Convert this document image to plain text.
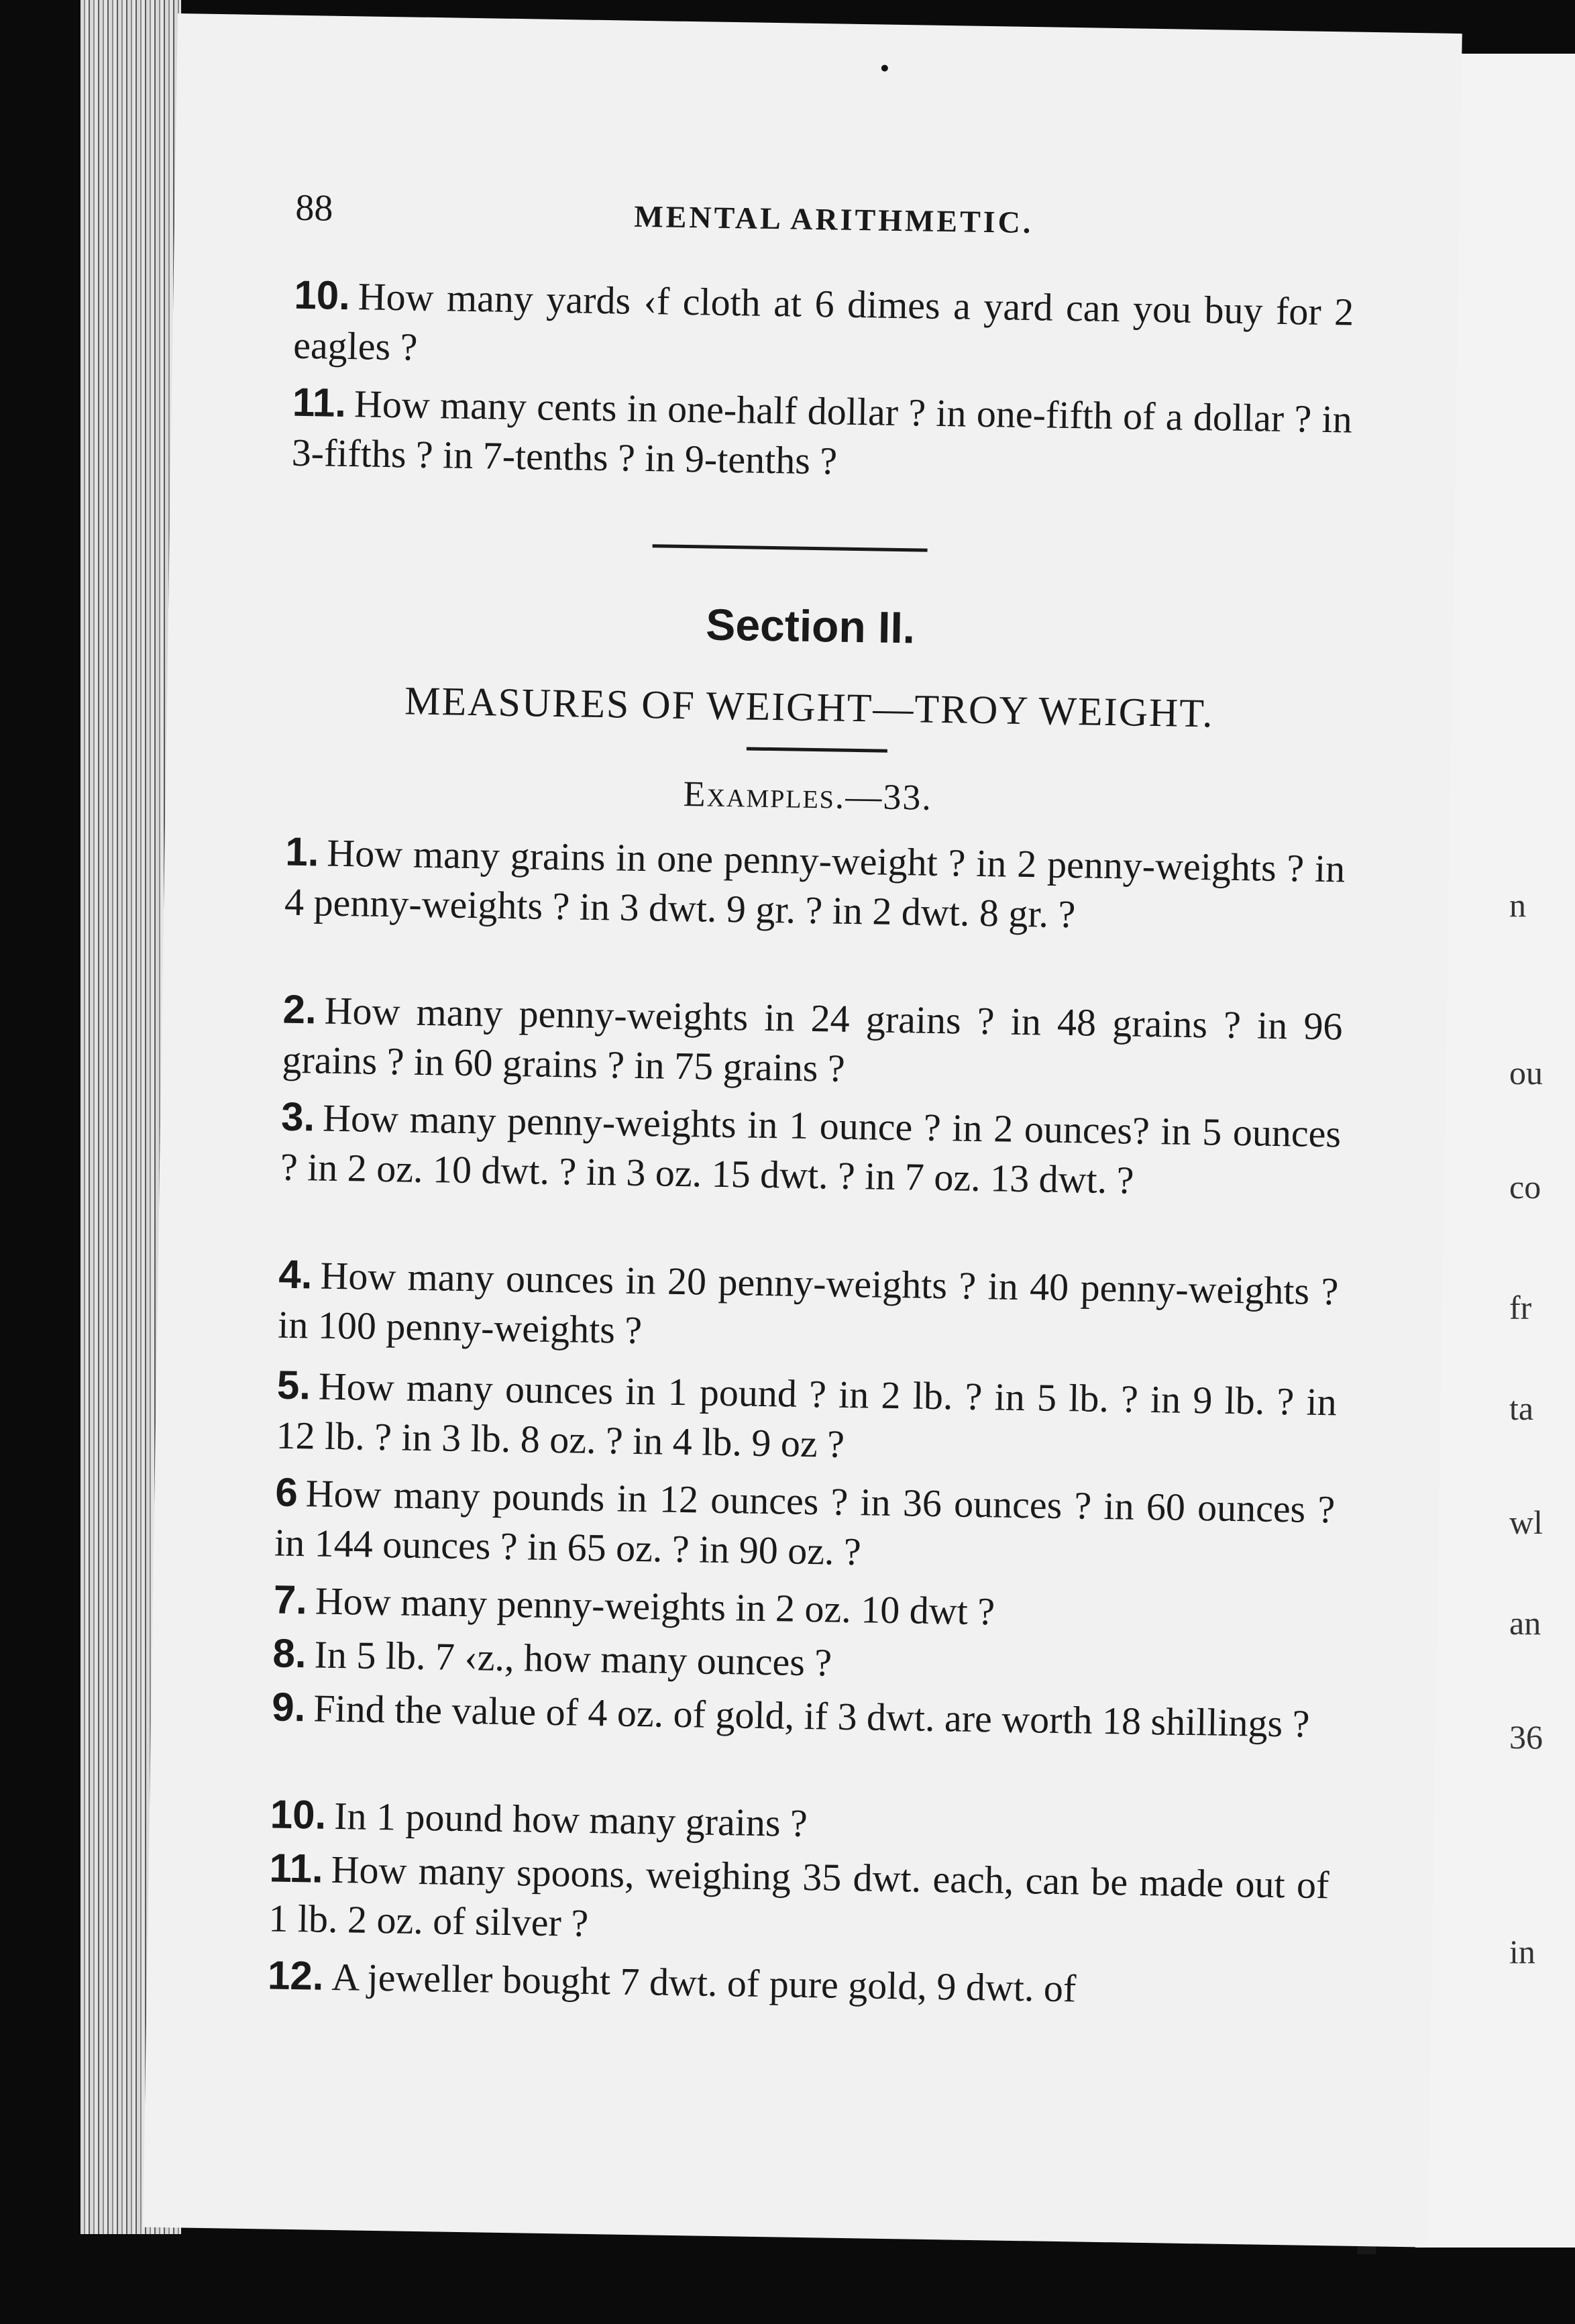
n
ou
co
fr
ta
wl
an
36
in
88	MENTAL ARITHMETIC.
10. How many yards ‹f cloth at 6 dimes a yard can you buy for 2 eagles ?
11. How many cents in one-half dollar ? in one-fifth of a dollar ? in 3-fifths ? in 7-tenths ? in 9-tenths ?
Section II.
MEASURES OF WEIGHT—TROY WEIGHT.
Examples.—33.
1. How many grains in one penny-weight ? in 2 penny-weights ? in 4 penny-weights ? in 3 dwt. 9 gr. ? in 2 dwt. 8 gr. ?
2. How many penny-weights in 24 grains ? in 48 grains ? in 96 grains ? in 60 grains ? in 75 grains ?
3. How many penny-weights in 1 ounce ? in 2 ounces? in 5 ounces ? in 2 oz. 10 dwt. ? in 3 oz. 15 dwt. ? in 7 oz. 13 dwt. ?
4. How many ounces in 20 penny-weights ? in 40 penny-weights ? in 100 penny-weights ?
5. How many ounces in 1 pound ? in 2 lb. ? in 5 lb. ? in 9 lb. ? in 12 lb. ? in 3 lb. 8 oz. ? in 4 lb. 9 oz ?
6 How many pounds in 12 ounces ? in 36 ounces ? in 60 ounces ? in 144 ounces ? in 65 oz. ? in 90 oz. ?
7. How many penny-weights in 2 oz. 10 dwt ?
8. In 5 lb. 7 ‹z., how many ounces ?
9. Find the value of 4 oz. of gold, if 3 dwt. are worth 18 shillings ?
10. In 1 pound how many grains ?
11. How many spoons, weighing 35 dwt. each, can be made out of 1 lb. 2 oz. of silver ?
12. A jeweller bought 7 dwt. of pure gold, 9 dwt. of
